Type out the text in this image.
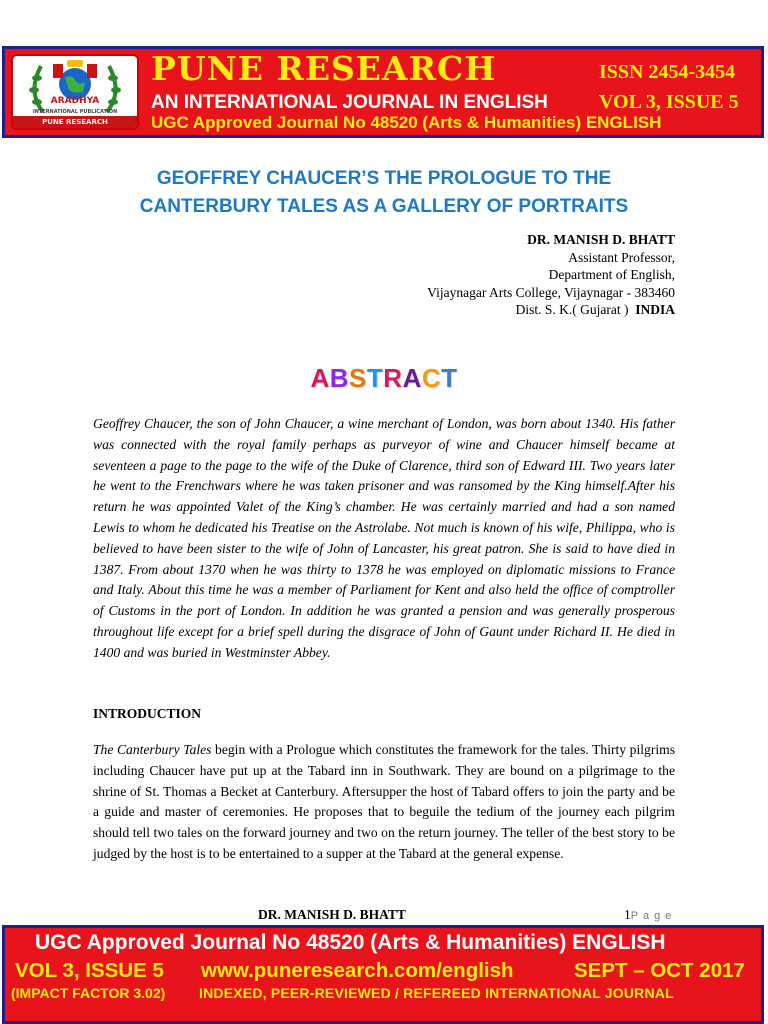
ARADHYA
INTERNATIONAL PUBLICATION
PUNE RESEARCH
PUNE RESEARCH	ISSN 2454-3454
AN INTERNATIONAL JOURNAL IN ENGLISH	VOL 3, ISSUE 5
UGC Approved Journal No 48520 (Arts & Humanities) ENGLISH
GEOFFREY CHAUCER’S THE PROLOGUE TO THE
CANTERBURY TALES AS A GALLERY OF PORTRAITS
DR. MANISH D. BHATT
Assistant Professor,
Department of English,
Vijaynagar Arts College, Vijaynagar - 383460
Dist. S. K.( Gujarat ) INDIA
ABSTRACT
Geoffrey Chaucer, the son of John Chaucer, a wine merchant of London, was born about 1340. His father was connected with the royal family perhaps as purveyor of wine and Chaucer himself became at seventeen a page to the page to the wife of the Duke of Clarence, third son of Edward III. Two years later he went to the Frenchwars where he was taken prisoner and was ransomed by the King himself.After his return he was appointed Valet of the King’s chamber. He was certainly married and had a son named Lewis to whom he dedicated his Treatise on the Astrolabe. Not much is known of his wife, Philippa, who is believed to have been sister to the wife of John of Lancaster, his great patron. She is said to have died in 1387. From about 1370 when he was thirty to 1378 he was employed on diplomatic missions to France and Italy. About this time he was a member of Parliament for Kent and also held the office of comptroller of Customs in the port of London. In addition he was granted a pension and was generally prosperous throughout life except for a brief spell during the disgrace of John of Gaunt under Richard II. He died in 1400 and was buried in Westminster Abbey.
INTRODUCTION
The Canterbury Tales begin with a Prologue which constitutes the framework for the tales. Thirty pilgrims including Chaucer have put up at the Tabard inn in Southwark. They are bound on a pilgrimage to the shrine of St. Thomas a Becket at Canterbury. Aftersupper the host of Tabard offers to join the party and be a guide and master of ceremonies. He proposes that to beguile the tedium of the journey each pilgrim should tell two tales on the forward journey and two on the return journey. The teller of the best story to be judged by the host is to be entertained to a supper at the Tabard at the general expense.
DR. MANISH D. BHATT	1P a g e
UGC Approved Journal No 48520 (Arts & Humanities) ENGLISH
VOL 3, ISSUE 5 www.puneresearch.com/english	SEPT – OCT 2017
(IMPACT FACTOR 3.02) INDEXED, PEER-REVIEWED / REFEREED INTERNATIONAL JOURNAL
